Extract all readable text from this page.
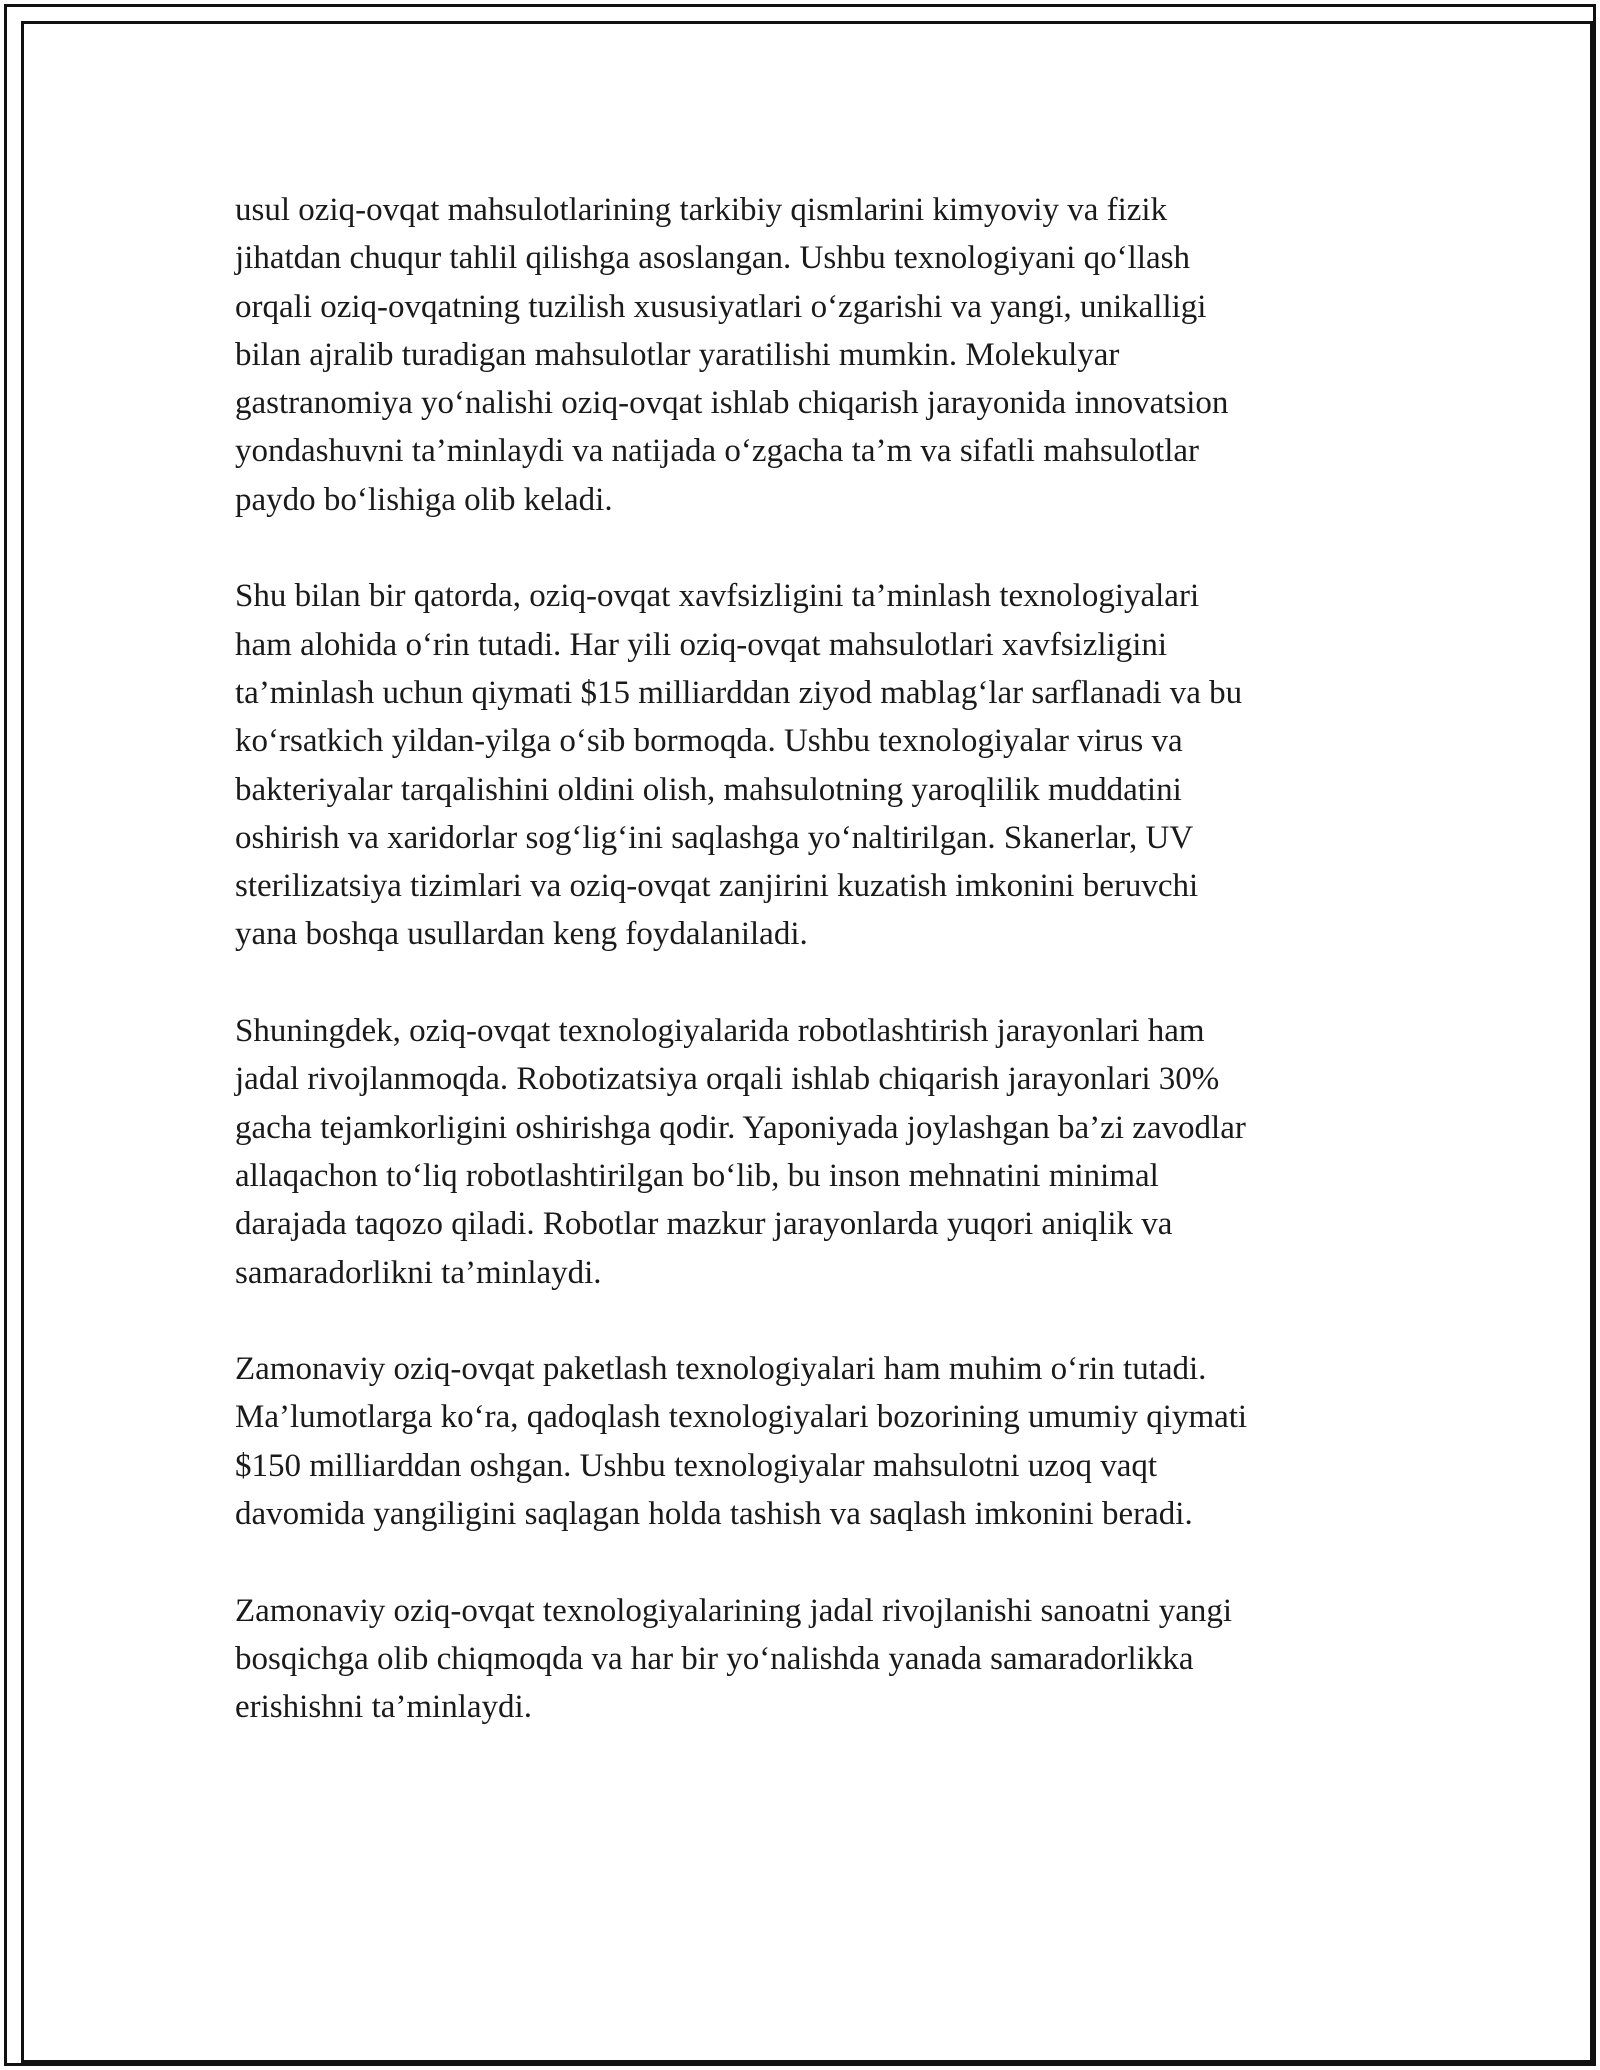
usul oziq-ovqat mahsulotlarining tarkibiy qismlarini kimyoviy va fizik
jihatdan chuqur tahlil qilishga asoslangan. Ushbu texnologiyani qo‘llash
orqali oziq-ovqatning tuzilish xususiyatlari o‘zgarishi va yangi, unikalligi
bilan ajralib turadigan mahsulotlar yaratilishi mumkin. Molekulyar
gastranomiya yo‘nalishi oziq-ovqat ishlab chiqarish jarayonida innovatsion
yondashuvni ta’minlaydi va natijada o‘zgacha ta’m va sifatli mahsulotlar
paydo bo‘lishiga olib keladi.

Shu bilan bir qatorda, oziq-ovqat xavfsizligini ta’minlash texnologiyalari
ham alohida o‘rin tutadi. Har yili oziq-ovqat mahsulotlari xavfsizligini
ta’minlash uchun qiymati $15 milliarddan ziyod mablag‘lar sarflanadi va bu
ko‘rsatkich yildan-yilga o‘sib bormoqda. Ushbu texnologiyalar virus va
bakteriyalar tarqalishini oldini olish, mahsulotning yaroqlilik muddatini
oshirish va xaridorlar sog‘lig‘ini saqlashga yo‘naltirilgan. Skanerlar, UV
sterilizatsiya tizimlari va oziq-ovqat zanjirini kuzatish imkonini beruvchi
yana boshqa usullardan keng foydalaniladi.

Shuningdek, oziq-ovqat texnologiyalarida robotlashtirish jarayonlari ham
jadal rivojlanmoqda. Robotizatsiya orqali ishlab chiqarish jarayonlari 30%
gacha tejamkorligini oshirishga qodir. Yaponiyada joylashgan ba’zi zavodlar
allaqachon to‘liq robotlashtirilgan bo‘lib, bu inson mehnatini minimal
darajada taqozo qiladi. Robotlar mazkur jarayonlarda yuqori aniqlik va
samaradorlikni ta’minlaydi.

Zamonaviy oziq-ovqat paketlash texnologiyalari ham muhim o‘rin tutadi.
Ma’lumotlarga ko‘ra, qadoqlash texnologiyalari bozorining umumiy qiymati
$150 milliarddan oshgan. Ushbu texnologiyalar mahsulotni uzoq vaqt
davomida yangiligini saqlagan holda tashish va saqlash imkonini beradi.

Zamonaviy oziq-ovqat texnologiyalarining jadal rivojlanishi sanoatni yangi
bosqichga olib chiqmoqda va har bir yo‘nalishda yanada samaradorlikka
erishishni ta’minlaydi.
